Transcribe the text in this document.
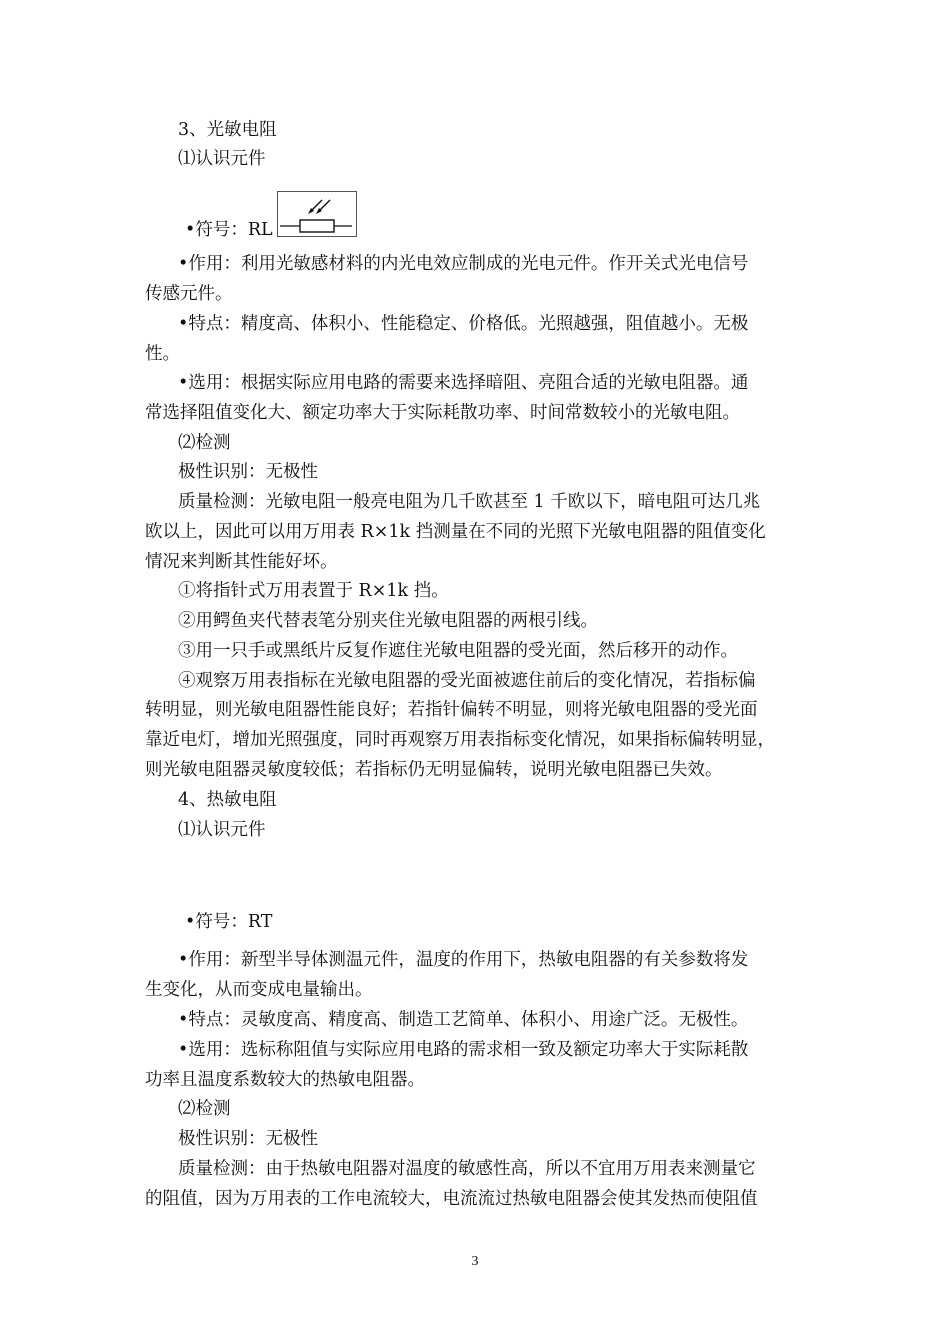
3、光敏电阻
⑴认识元件
•符号：RL
•作用：利用光敏感材料的内光电效应制成的光电元件。作开关式光电信号
传感元件。
•特点：精度高、体积小、性能稳定、价格低。光照越强，阻值越小。无极
性。
•选用：根据实际应用电路的需要来选择暗阻、亮阻合适的光敏电阻器。通
常选择阻值变化大、额定功率大于实际耗散功率、时间常数较小的光敏电阻。
⑵检测
极性识别：无极性
质量检测：光敏电阻一般亮电阻为几千欧甚至 1 千欧以下，暗电阻可达几兆
欧以上，因此可以用万用表 R×1k 挡测量在不同的光照下光敏电阻器的阻值变化
情况来判断其性能好坏。
①将指针式万用表置于 R×1k 挡。
②用鳄鱼夹代替表笔分别夹住光敏电阻器的两根引线。
③用一只手或黑纸片反复作遮住光敏电阻器的受光面，然后移开的动作。
④观察万用表指标在光敏电阻器的受光面被遮住前后的变化情况，若指标偏
转明显，则光敏电阻器性能良好；若指针偏转不明显，则将光敏电阻器的受光面
靠近电灯，增加光照强度，同时再观察万用表指标变化情况，如果指标偏转明显，
则光敏电阻器灵敏度较低；若指标仍无明显偏转，说明光敏电阻器已失效。
4、热敏电阻
⑴认识元件
•符号：RT
•作用：新型半导体测温元件，温度的作用下，热敏电阻器的有关参数将发
生变化，从而变成电量输出。
•特点：灵敏度高、精度高、制造工艺简单、体积小、用途广泛。无极性。
•选用：选标称阻值与实际应用电路的需求相一致及额定功率大于实际耗散
功率且温度系数较大的热敏电阻器。
⑵检测
极性识别：无极性
质量检测：由于热敏电阻器对温度的敏感性高，所以不宜用万用表来测量它
的阻值，因为万用表的工作电流较大，电流流过热敏电阻器会使其发热而使阻值
3
